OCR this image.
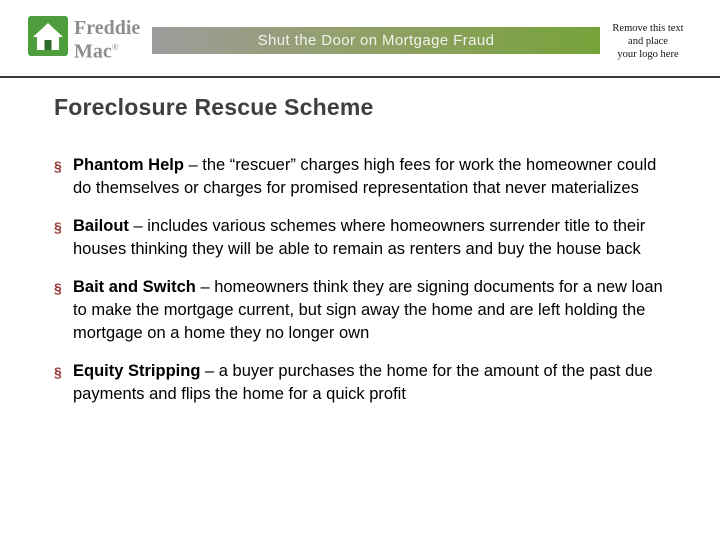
Freddie
Mac®	Shut the Door on Mortgage Fraud
Remove this text
and place
your logo here
Foreclosure Rescue Scheme
§ Phantom Help – the “rescuer” charges high fees for work the homeowner could do themselves or charges for promised representation that never materializes
§ Bailout – includes various schemes where homeowners surrender title to their houses thinking they will be able to remain as renters and buy the house back
§ Bait and Switch – homeowners think they are signing documents for a new loan to make the mortgage current, but sign away the home and are left holding the mortgage on a home they no longer own
§ Equity Stripping – a buyer purchases the home for the amount of the past due payments and flips the home for a quick profit
